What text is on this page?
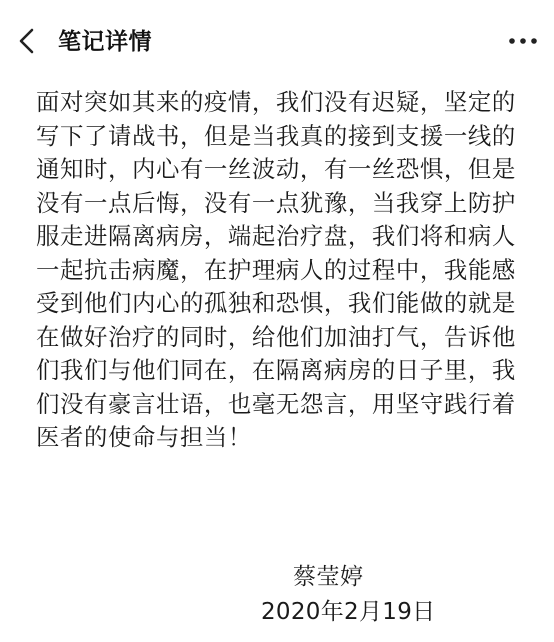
笔记详情
面对突如其来的疫情，我们没有迟疑，坚定的写下了请战书，但是当我真的接到支援一线的通知时，内心有一丝波动，有一丝恐惧，但是没有一点后悔，没有一点犹豫，当我穿上防护服走进隔离病房，端起治疗盘，我们将和病人一起抗击病魔，在护理病人的过程中，我能感受到他们内心的孤独和恐惧，我们能做的就是在做好治疗的同时，给他们加油打气，告诉他们我们与他们同在，在隔离病房的日子里，我们没有豪言壮语，也毫无怨言，用坚守践行着医者的使命与担当！
蔡莹婷
2020年2月19日
